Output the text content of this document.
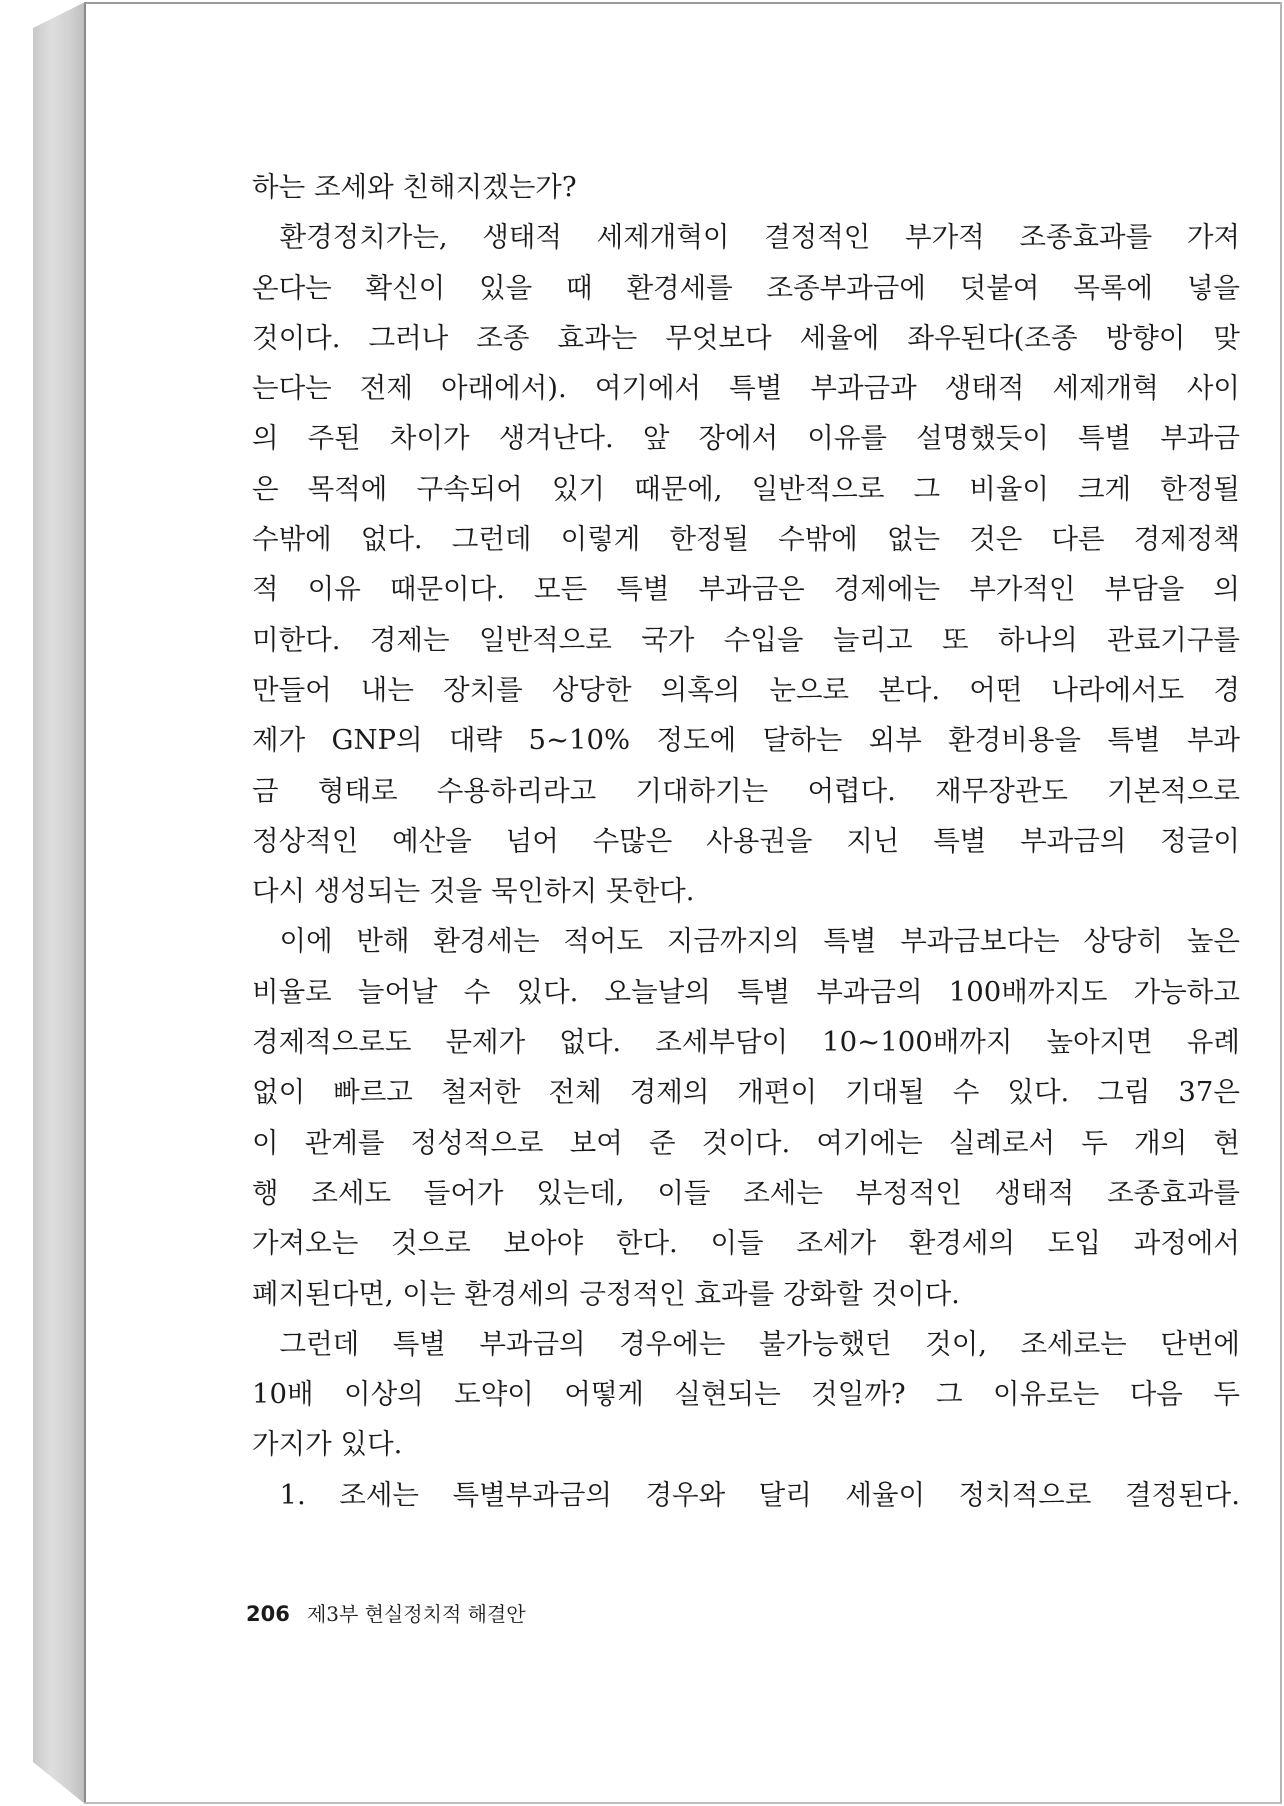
하는 조세와 친해지겠는가?
환경정치가는, 생태적 세제개혁이 결정적인 부가적 조종효과를 가져
온다는 확신이 있을 때 환경세를 조종부과금에 덧붙여 목록에 넣을
것이다. 그러나 조종 효과는 무엇보다 세율에 좌우된다(조종 방향이 맞
는다는 전제 아래에서). 여기에서 특별 부과금과 생태적 세제개혁 사이
의 주된 차이가 생겨난다. 앞 장에서 이유를 설명했듯이 특별 부과금
은 목적에 구속되어 있기 때문에, 일반적으로 그 비율이 크게 한정될
수밖에 없다. 그런데 이렇게 한정될 수밖에 없는 것은 다른 경제정책
적 이유 때문이다. 모든 특별 부과금은 경제에는 부가적인 부담을 의
미한다. 경제는 일반적으로 국가 수입을 늘리고 또 하나의 관료기구를
만들어 내는 장치를 상당한 의혹의 눈으로 본다. 어떤 나라에서도 경
제가 GNP의 대략 5~10% 정도에 달하는 외부 환경비용을 특별 부과
금 형태로 수용하리라고 기대하기는 어렵다. 재무장관도 기본적으로
정상적인 예산을 넘어 수많은 사용권을 지닌 특별 부과금의 정글이
다시 생성되는 것을 묵인하지 못한다.
이에 반해 환경세는 적어도 지금까지의 특별 부과금보다는 상당히 높은
비율로 늘어날 수 있다. 오늘날의 특별 부과금의 100배까지도 가능하고
경제적으로도 문제가 없다. 조세부담이 10~100배까지 높아지면 유례
없이 빠르고 철저한 전체 경제의 개편이 기대될 수 있다. 그림 37은
이 관계를 정성적으로 보여 준 것이다. 여기에는 실례로서 두 개의 현
행 조세도 들어가 있는데, 이들 조세는 부정적인 생태적 조종효과를
가져오는 것으로 보아야 한다. 이들 조세가 환경세의 도입 과정에서
폐지된다면, 이는 환경세의 긍정적인 효과를 강화할 것이다.
그런데 특별 부과금의 경우에는 불가능했던 것이, 조세로는 단번에
10배 이상의 도약이 어떻게 실현되는 것일까? 그 이유로는 다음 두
가지가 있다.
1. 조세는 특별부과금의 경우와 달리 세율이 정치적으로 결정된다.
206 제3부 현실정치적 해결안
